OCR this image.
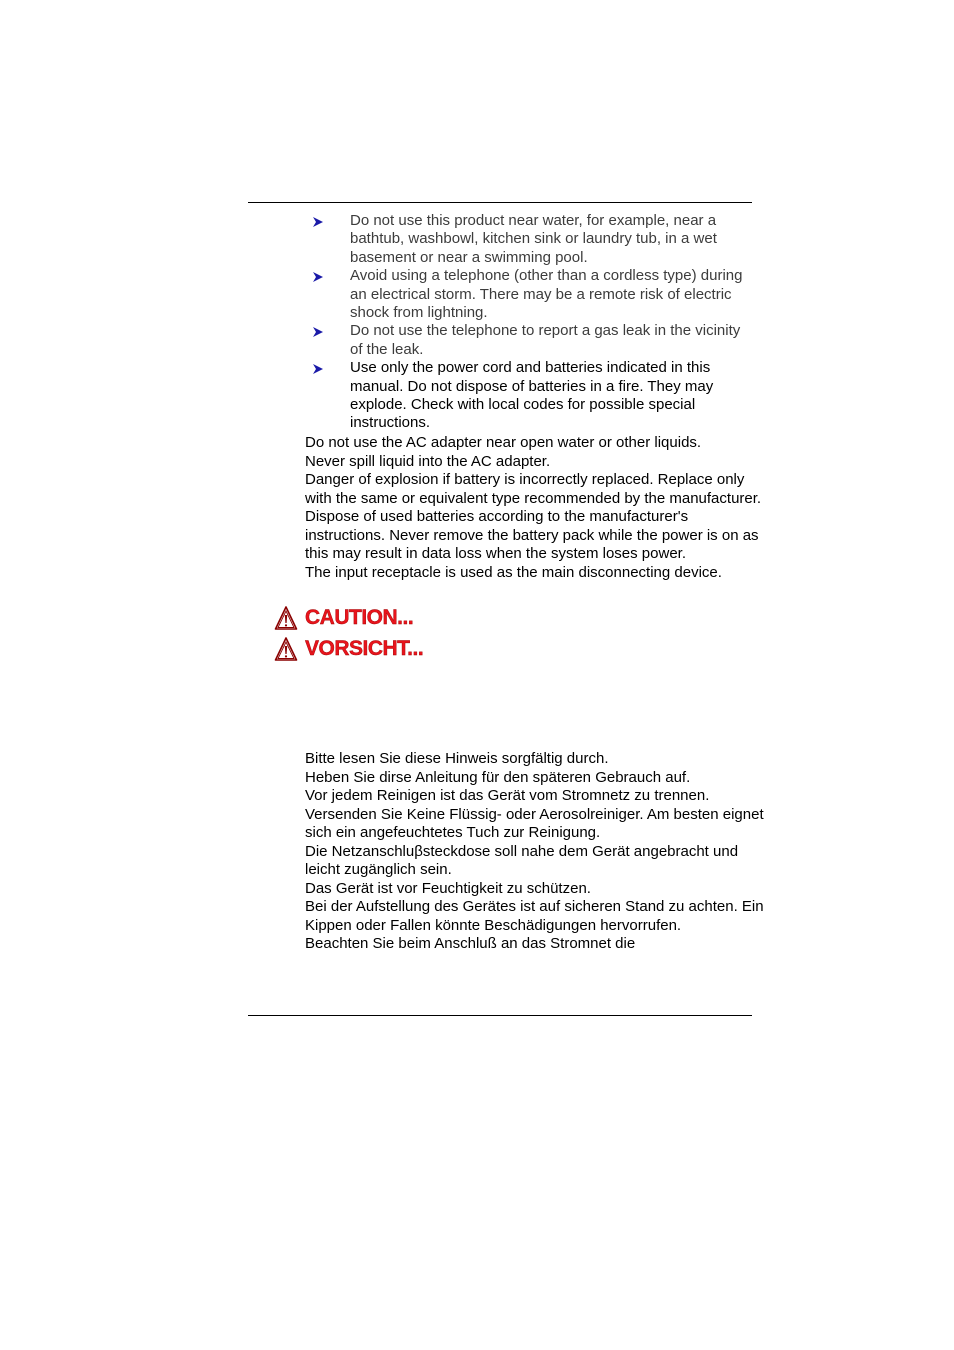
Do not use this product near water, for example, near a bathtub, washbowl, kitchen sink or laundry tub, in a wet basement or near a swimming pool.
Avoid using a telephone (other than a cordless type) during an electrical storm. There may be a remote risk of electric shock from lightning.
Do not use the telephone to report a gas leak in the vicinity of the leak.
Use only the power cord and batteries indicated in this manual. Do not dispose of batteries in a fire. They may explode. Check with local codes for possible special instructions.

Do not use the AC adapter near open water or other liquids.

Never spill liquid into the AC adapter.

Danger of explosion if battery is incorrectly replaced. Replace only with the same or equivalent type recommended by the manufacturer. Dispose of used batteries according to the manufacturer's instructions. Never remove the battery pack while the power is on as this may result in data loss when the system loses power.

The input receptacle is used as the main disconnecting device.

CAUTION...
VORSICHT...

Bitte lesen Sie diese Hinweis sorgfältig durch.

Heben Sie dirse Anleitung für den späteren Gebrauch auf.

Vor jedem Reinigen ist das Gerät vom Stromnetz zu trennen.

Versenden Sie Keine Flüssig- oder Aerosolreiniger. Am besten eignet sich ein angefeuchtetes Tuch zur Reinigung.

Die Netzanschluβsteckdose soll nahe dem Gerät angebracht und leicht zugänglich sein.

Das Gerät ist vor Feuchtigkeit zu schützen.

Bei der Aufstellung des Gerätes ist auf sicheren Stand zu achten. Ein Kippen oder Fallen könnte Beschädigungen hervorrufen.

Beachten Sie beim Anschluß an das Stromnet die
